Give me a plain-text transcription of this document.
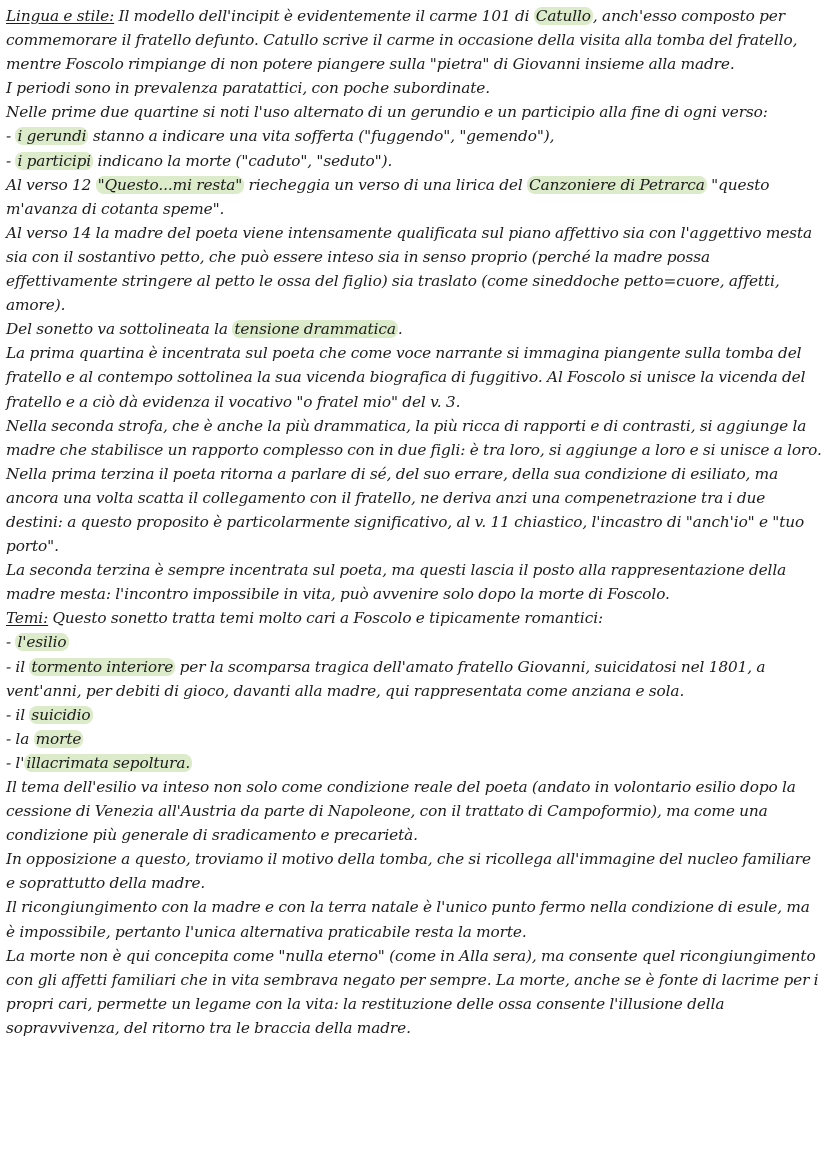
Lingua e stile: Il modello dell'incipit è evidentemente il carme 101 di Catullo , anch'esso composto per commemorare il fratello defunto. Catullo scrive il carme in occasione della visita alla tomba del fratello, mentre Foscolo rimpiange di non potere piangere sulla "pietra" di Giovanni insieme alla madre.

I periodi sono in prevalenza paratattici, con poche subordinate.

Nelle prime due quartine si noti l'uso alternato di un gerundio e un participio alla fine di ogni verso:

- i gerundi stanno a indicare una vita sofferta ("fuggendo", "gemendo"),

- i participi indicano la morte ("caduto", "seduto").

Al verso 12 "Questo...mi resta" riecheggia un verso di una lirica del Canzoniere di Petrarca "questo m'avanza di cotanta speme".

Al verso 14 la madre del poeta viene intensamente qualificata sul piano affettivo sia con l'aggettivo mesta sia con il sostantivo petto, che può essere inteso sia in senso proprio (perché la madre possa effettivamente stringere al petto le ossa del figlio) sia traslato (come sineddoche petto=cuore, affetti, amore).

Del sonetto va sottolineata la tensione drammatica .

La prima quartina è incentrata sul poeta che come voce narrante si immagina piangente sulla tomba del fratello e al contempo sottolinea la sua vicenda biografica di fuggitivo. Al Foscolo si unisce la vicenda del fratello e a ciò dà evidenza il vocativo "o fratel mio" del v. 3.

Nella seconda strofa, che è anche la più drammatica, la più ricca di rapporti e di contrasti, si aggiunge la madre che stabilisce un rapporto complesso con in due figli: è tra loro, si aggiunge a loro e si unisce a loro.

Nella prima terzina il poeta ritorna a parlare di sé, del suo errare, della sua condizione di esiliato, ma ancora una volta scatta il collegamento con il fratello, ne deriva anzi una compenetrazione tra i due destini: a questo proposito è particolarmente significativo, al v. 11 chiastico, l'incastro di "anch'io" e "tuo porto".

La seconda terzina è sempre incentrata sul poeta, ma questi lascia il posto alla rappresentazione della madre mesta: l'incontro impossibile in vita, può avvenire solo dopo la morte di Foscolo.

Temi: Questo sonetto tratta temi molto cari a Foscolo e tipicamente romantici:

- l'esilio

- il tormento interiore per la scomparsa tragica dell'amato fratello Giovanni, suicidatosi nel 1801, a vent'anni, per debiti di gioco, davanti alla madre, qui rappresentata come anziana e sola.

- il suicidio

- la morte

- l' illacrimata sepoltura.

Il tema dell'esilio va inteso non solo come condizione reale del poeta (andato in volontario esilio dopo la cessione di Venezia all'Austria da parte di Napoleone, con il trattato di Campoformio), ma come una condizione più generale di sradicamento e precarietà.

In opposizione a questo, troviamo il motivo della tomba, che si ricollega all'immagine del nucleo familiare e soprattutto della madre.

Il ricongiungimento con la madre e con la terra natale è l'unico punto fermo nella condizione di esule, ma è impossibile, pertanto l'unica alternativa praticabile resta la morte.

La morte non è qui concepita come "nulla eterno" (come in Alla sera), ma consente quel ricongiungimento con gli affetti familiari che in vita sembrava negato per sempre. La morte, anche se è fonte di lacrime per i propri cari, permette un legame con la vita: la restituzione delle ossa consente l'illusione della sopravvivenza, del ritorno tra le braccia della madre.
